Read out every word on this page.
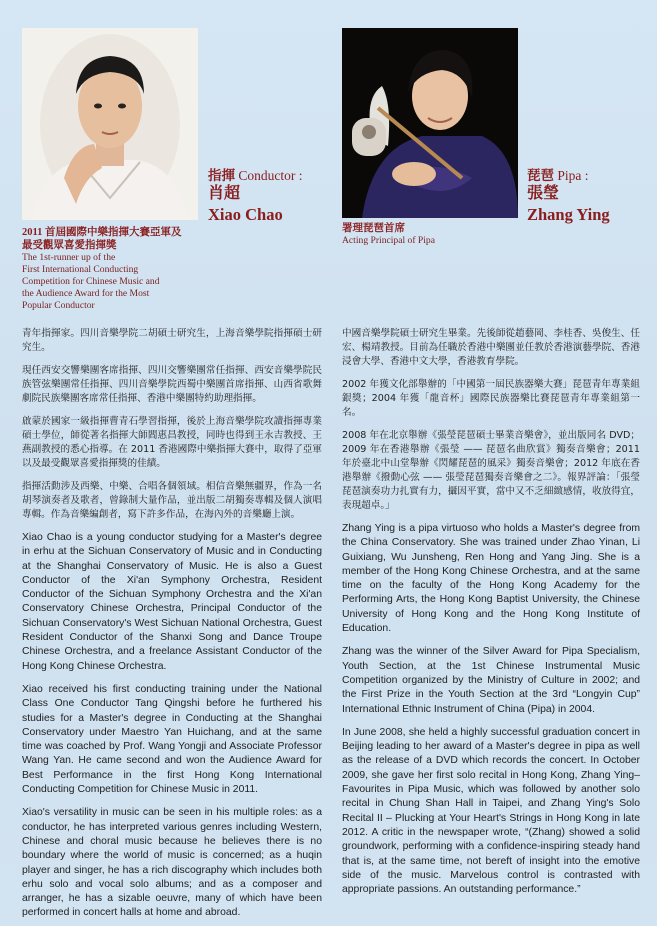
指揮 Conductor :
肖超
Xiao Chao
琵琶 Pipa :
張瑩
Zhang Ying
2011 首屆國際中樂指揮大賽亞軍及
最受觀眾喜愛指揮獎
The 1st-runner up of the
First International Conducting
Competition for Chinese Music and
the Audience Award for the Most
Popular Conductor
署理琵琶首席
Acting Principal of Pipa

青年指揮家。四川音樂學院二胡碩士研究生，上海音樂學院指揮碩士研究生。

現任西安交響樂團客席指揮、四川交響樂團常任指揮、西安音樂學院民族管弦樂團常任指揮、四川音樂學院西蜀中樂團首席指揮、山西省歌舞劇院民族樂團客席常任指揮、香港中樂團特約助理指揮。

啟蒙於國家一級指揮曹青石學習指揮，後於上海音樂學院攻讀指揮專業碩士學位，師從著名指揮大師閻惠昌教授，同時也得到王永吉教授、王燕副教授的悉心指導。在 2011 香港國際中樂指揮大賽中，取得了亞軍以及最受觀眾喜愛指揮獎的佳績。

指揮活動涉及西樂、中樂、合唱各個領域。相信音樂無疆界，作為一名胡琴演奏者及歌者，曾錄制大量作品，並出版二胡獨奏專輯及個人演唱專輯。作為音樂編創者，寫下許多作品，在海內外的音樂廳上演。

Xiao Chao is a young conductor studying for a Master's degree in erhu at the Sichuan Conservatory of Music and in Conducting at the Shanghai Conservatory of Music. He is also a Guest Conductor of the Xi'an Symphony Orchestra, Resident Conductor of the Sichuan Symphony Orchestra and the Xi'an Conservatory Chinese Orchestra, Principal Conductor of the Sichuan Conservatory's West Sichuan National Orchestra, Guest Resident Conductor of the Shanxi Song and Dance Troupe Chinese Orchestra, and a freelance Assistant Conductor of the Hong Kong Chinese Orchestra.

Xiao received his first conducting training under the National Class One Conductor Tang Qingshi before he furthered his studies for a Master's degree in Conducting at the Shanghai Conservatory under Maestro Yan Huichang, and at the same time was coached by Prof. Wang Yongji and Associate Professor Wang Yan. He came second and won the Audience Award for Best Performance in the first Hong Kong International Conducting Competition for Chinese Music in 2011.

Xiao's versatility in music can be seen in his multiple roles: as a conductor, he has interpreted various genres including Western, Chinese and choral music because he believes there is no boundary where the world of music is concerned; as a huqin player and singer, he has a rich discography which includes both erhu solo and vocal solo albums; and as a composer and arranger, he has a sizable oeuvre, many of which have been performed in concert halls at home and abroad.

中國音樂學院碩士研究生畢業。先後師從趙藝岡、李桂香、吳俊生、任宏、楊靖教授。目前為任職於香港中樂團並任教於香港演藝學院、香港浸會大學、香港中文大學，香港教育學院。

2002 年獲文化部舉辦的「中國第一屆民族器樂大賽」琵琶青年專業組銀獎；2004 年獲「龍音杯」國際民族器樂比賽琵琶青年專業組第一名。

2008 年在北京舉辦《張瑩琵琶碩士畢業音樂會》，並出版同名 DVD；2009 年在香港舉辦《張瑩 —— 琵琶名曲欣賞》獨奏音樂會；2011 年於臺北中山堂舉辦《閃耀琵琶的風采》獨奏音樂會；2012 年底在香港舉辦《撥動心弦 —— 張瑩琵琶獨奏音樂會之二》。報界評論：「張瑩琵琶演奏功力扎實有力，攝因平實，當中又不乏細緻感情，收放得宜，表現超卓。」

Zhang Ying is a pipa virtuoso who holds a Master's degree from the China Conservatory. She was trained under Zhao Yinan, Li Guixiang, Wu Junsheng, Ren Hong and Yang Jing. She is a member of the Hong Kong Chinese Orchestra, and at the same time on the faculty of the Hong Kong Academy for the Performing Arts, the Hong Kong Baptist University, the Chinese University of Hong Kong and the Hong Kong Institute of Education.

Zhang was the winner of the Silver Award for Pipa Specialism, Youth Section, at the 1st Chinese Instrumental Music Competition organized by the Ministry of Culture in 2002; and the First Prize in the Youth Section at the 3rd “Longyin Cup” International Ethnic Instrument of China (Pipa) in 2004.

In June 2008, she held a highly successful graduation concert in Beijing leading to her award of a Master's degree in pipa as well as the release of a DVD which records the concert. In October 2009, she gave her first solo recital in Hong Kong, Zhang Ying–Favourites in Pipa Music, which was followed by another solo recital in Chung Shan Hall in Taipei, and Zhang Ying's Solo Recital II – Plucking at Your Heart's Strings in Hong Kong in late 2012. A critic in the newspaper wrote, “(Zhang) showed a solid groundwork, performing with a confidence-inspiring steady hand that is, at the same time, not bereft of insight into the emotive side of the music. Marvelous control is contrasted with appropriate passions. An outstanding performance.”
